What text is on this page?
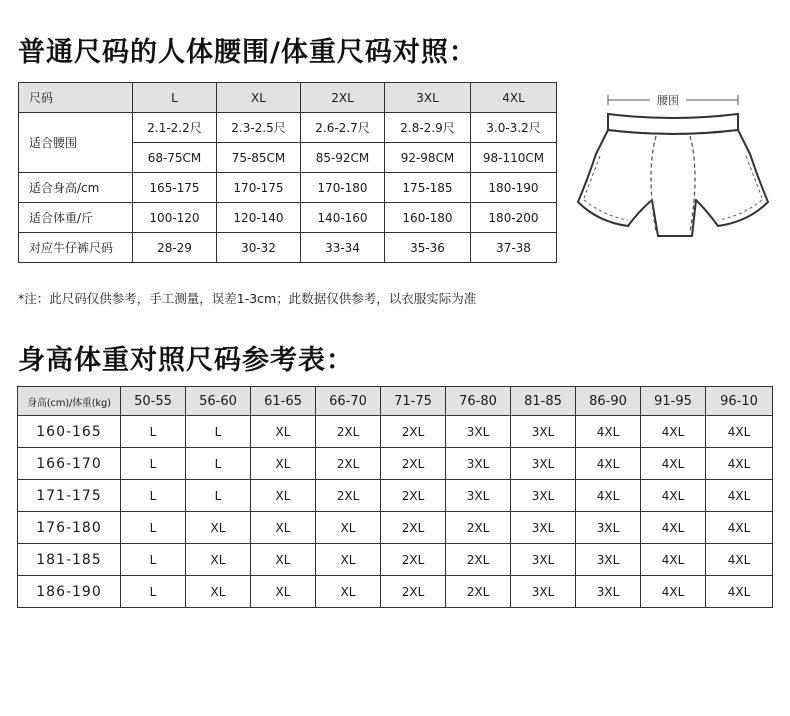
普通尺码的人体腰围/体重尺码对照：
尺码	L	XL	2XL	3XL	4XL
适合腰围	2.1-2.2尺	2.3-2.5尺	2.6-2.7尺	2.8-2.9尺	3.0-3.2尺
	68-75CM	75-85CM	85-92CM	92-98CM	98-110CM
适合身高/cm	165-175	170-175	170-180	175-185	180-190
适合体重/斤	100-120	120-140	140-160	160-180	180-200
对应牛仔裤尺码	28-29	30-32	33-34	35-36	37-38
腰围

*注：此尺码仅供参考，手工测量，误差1-3cm；此数据仅供参考，以衣服实际为准

身高体重对照尺码参考表：
身高(cm)/体重(kg)	50-55	56-60	61-65	66-70	71-75	76-80	81-85	86-90	91-95	96-10
160-165	L	L	XL	2XL	2XL	3XL	3XL	4XL	4XL	4XL
166-170	L	L	XL	2XL	2XL	3XL	3XL	4XL	4XL	4XL
171-175	L	L	XL	2XL	2XL	3XL	3XL	4XL	4XL	4XL
176-180	L	XL	XL	XL	2XL	2XL	3XL	3XL	4XL	4XL
181-185	L	XL	XL	XL	2XL	2XL	3XL	3XL	4XL	4XL
186-190	L	XL	XL	XL	2XL	2XL	3XL	3XL	4XL	4XL
